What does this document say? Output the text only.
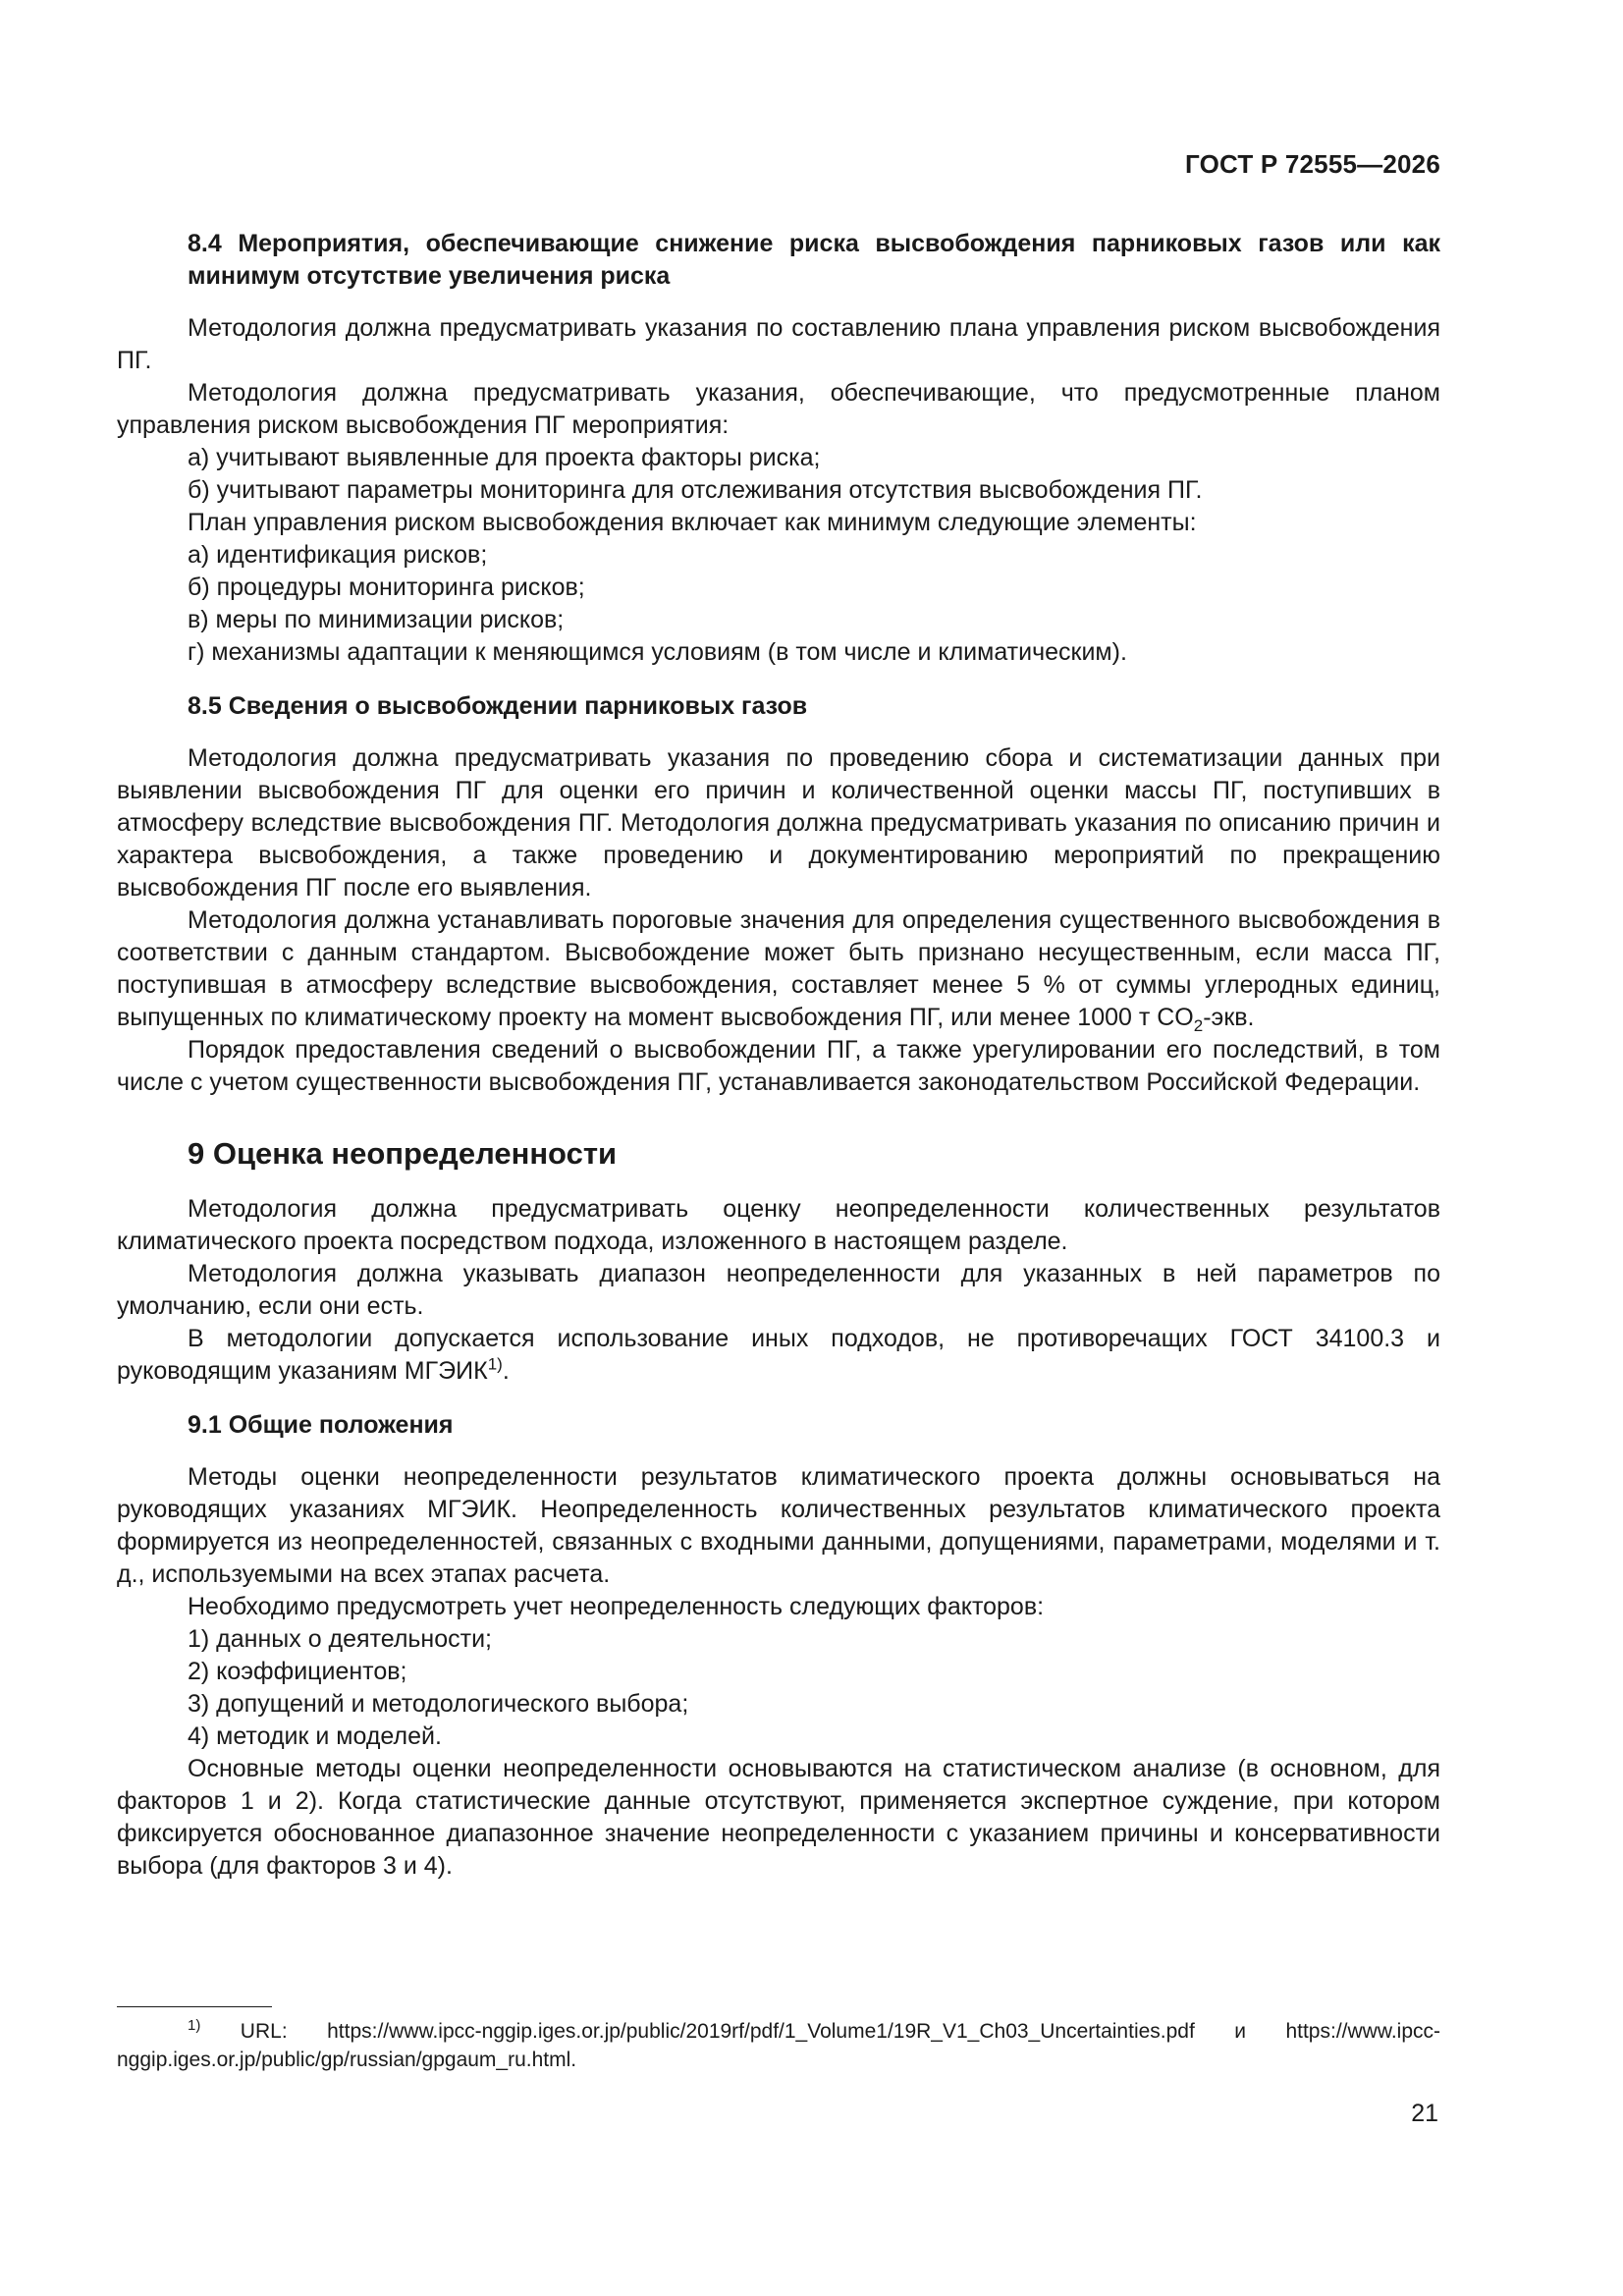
ГОСТ Р 72555—2026

8.4 Мероприятия, обеспечивающие снижение риска высвобождения парниковых газов или как минимум отсутствие увеличения риска

Методология должна предусматривать указания по составлению плана управления риском высвобождения ПГ.

Методология должна предусматривать указания, обеспечивающие, что предусмотренные планом управления риском высвобождения ПГ мероприятия:

а) учитывают выявленные для проекта факторы риска;

б) учитывают параметры мониторинга для отслеживания отсутствия высвобождения ПГ.

План управления риском высвобождения включает как минимум следующие элементы:

а) идентификация рисков;

б) процедуры мониторинга рисков;

в) меры по минимизации рисков;

г) механизмы адаптации к меняющимся условиям (в том числе и климатическим).

8.5 Сведения о высвобождении парниковых газов

Методология должна предусматривать указания по проведению сбора и систематизации данных при выявлении высвобождения ПГ для оценки его причин и количественной оценки массы ПГ, поступивших в атмосферу вследствие высвобождения ПГ. Методология должна предусматривать указания по описанию причин и характера высвобождения, а также проведению и документированию мероприятий по прекращению высвобождения ПГ после его выявления.

Методология должна устанавливать пороговые значения для определения существенного высвобождения в соответствии с данным стандартом. Высвобождение может быть признано несущественным, если масса ПГ, поступившая в атмосферу вследствие высвобождения, составляет менее 5 % от суммы углеродных единиц, выпущенных по климатическому проекту на момент высвобождения ПГ, или менее 1000 т $CO_2$-экв.

Порядок предоставления сведений о высвобождении ПГ, а также урегулировании его последствий, в том числе с учетом существенности высвобождения ПГ, устанавливается законодательством Российской Федерации.

9 Оценка неопределенности

Методология должна предусматривать оценку неопределенности количественных результатов климатического проекта посредством подхода, изложенного в настоящем разделе.

Методология должна указывать диапазон неопределенности для указанных в ней параметров по умолчанию, если они есть.

В методологии допускается использование иных подходов, не противоречащих ГОСТ 34100.3 и руководящим указаниям МГЭИК$^{1)}$.

9.1 Общие положения

Методы оценки неопределенности результатов климатического проекта должны основываться на руководящих указаниях МГЭИК. Неопределенность количественных результатов климатического проекта формируется из неопределенностей, связанных с входными данными, допущениями, параметрами, моделями и т. д., используемыми на всех этапах расчета.

Необходимо предусмотреть учет неопределенность следующих факторов:

1) данных о деятельности;

2) коэффициентов;

3) допущений и методологического выбора;

4) методик и моделей.

Основные методы оценки неопределенности основываются на статистическом анализе (в основном, для факторов 1 и 2). Когда статистические данные отсутствуют, применяется экспертное суждение, при котором фиксируется обоснованное диапазонное значение неопределенности с указанием причины и консервативности выбора (для факторов 3 и 4).

$^{1)}$ URL: https://www.ipcc-nggip.iges.or.jp/public/2019rf/pdf/1_Volume1/19R_V1_Ch03_Uncertainties.pdf и https://www.ipcc-nggip.iges.or.jp/public/gp/russian/gpgaum_ru.html.
21
